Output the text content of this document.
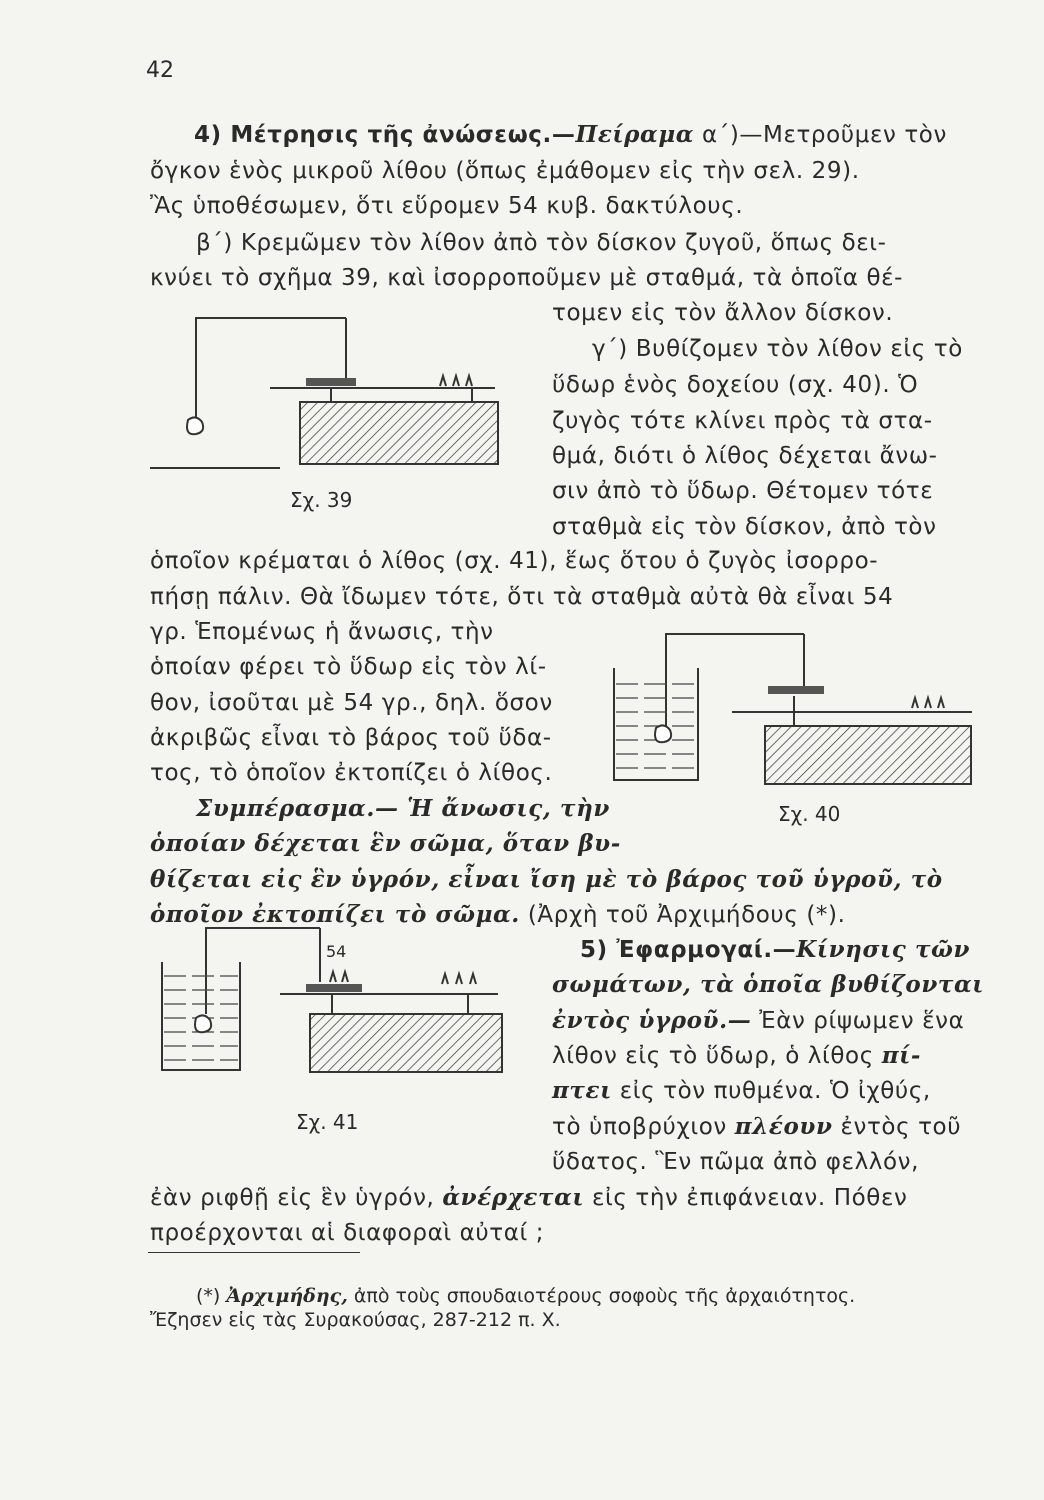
42
4) Μέτρησις τῆς ἀνώσεως.—Πείραμα α΄)—Μετροῦμεν τὸν
ὄγκον ἑνὸς μικροῦ λίθου (ὅπως ἐμάθομεν εἰς τὴν σελ. 29).
Ἂς ὑποθέσωμεν, ὅτι εὕρομεν 54 κυβ. δακτύλους.
β΄) Κρεμῶμεν τὸν λίθον ἀπὸ τὸν δίσκον ζυγοῦ, ὅπως δει-
κνύει τὸ σχῆμα 39, καὶ ἰσορροποῦμεν μὲ σταθμά, τὰ ὁποῖα θέ-
τομεν εἰς τὸν ἄλλον δίσκον.
γ΄) Βυθίζομεν τὸν λίθον εἰς τὸ
ὕδωρ ἑνὸς δοχείου (σχ. 40). Ὁ
ζυγὸς τότε κλίνει πρὸς τὰ στα-
θμά, διότι ὁ λίθος δέχεται ἄνω-
σιν ἀπὸ τὸ ὕδωρ. Θέτομεν τότε
σταθμὰ εἰς τὸν δίσκον, ἀπὸ τὸν
ὁποῖον κρέμαται ὁ λίθος (σχ. 41), ἕως ὅτου ὁ ζυγὸς ἰσορρο-
πήσῃ πάλιν. Θὰ ἴδωμεν τότε, ὅτι τὰ σταθμὰ αὐτὰ θὰ εἶναι 54
γρ. Ἑπομένως ἡ ἄνωσις, τὴν
ὁποίαν φέρει τὸ ὕδωρ εἰς τὸν λί-
θον, ἰσοῦται μὲ 54 γρ., δηλ. ὅσον
ἀκριβῶς εἶναι τὸ βάρος τοῦ ὕδα-
τος, τὸ ὁποῖον ἐκτοπίζει ὁ λίθος.
Συμπέρασμα.— Ἡ ἄνωσις, τὴν
ὁποίαν δέχεται ἓν σῶμα, ὅταν βυ-
θίζεται εἰς ἓν ὑγρόν, εἶναι ἴση μὲ τὸ βάρος τοῦ ὑγροῦ, τὸ
ὁποῖον ἐκτοπίζει τὸ σῶμα. (Ἀρχὴ τοῦ Ἀρχιμήδους (*).
5) Ἐφαρμογαί.—Κίνησις τῶν
σωμάτων, τὰ ὁποῖα βυθίζονται
ἐντὸς ὑγροῦ.— Ἐὰν ρίψωμεν ἕνα
λίθον εἰς τὸ ὕδωρ, ὁ λίθος πί-
πτει εἰς τὸν πυθμένα. Ὁ ἰχθύς,
τὸ ὑποβρύχιον πλέουν ἐντὸς τοῦ
ὕδατος. Ἓν πῶμα ἀπὸ φελλόν,
ἐὰν ριφθῇ εἰς ἓν ὑγρόν, ἀνέρχεται εἰς τὴν ἐπιφάνειαν. Πόθεν
προέρχονται αἱ διαφοραὶ αὐταί ;
Σχ. 39
Σχ. 40
54
Σχ. 41
(*) Ἀρχιμήδης, ἀπὸ τοὺς σπουδαιοτέρους σοφοὺς τῆς ἀρχαιότητος.
Ἔζησεν εἰς τὰς Συρακούσας, 287-212 π. Χ.
